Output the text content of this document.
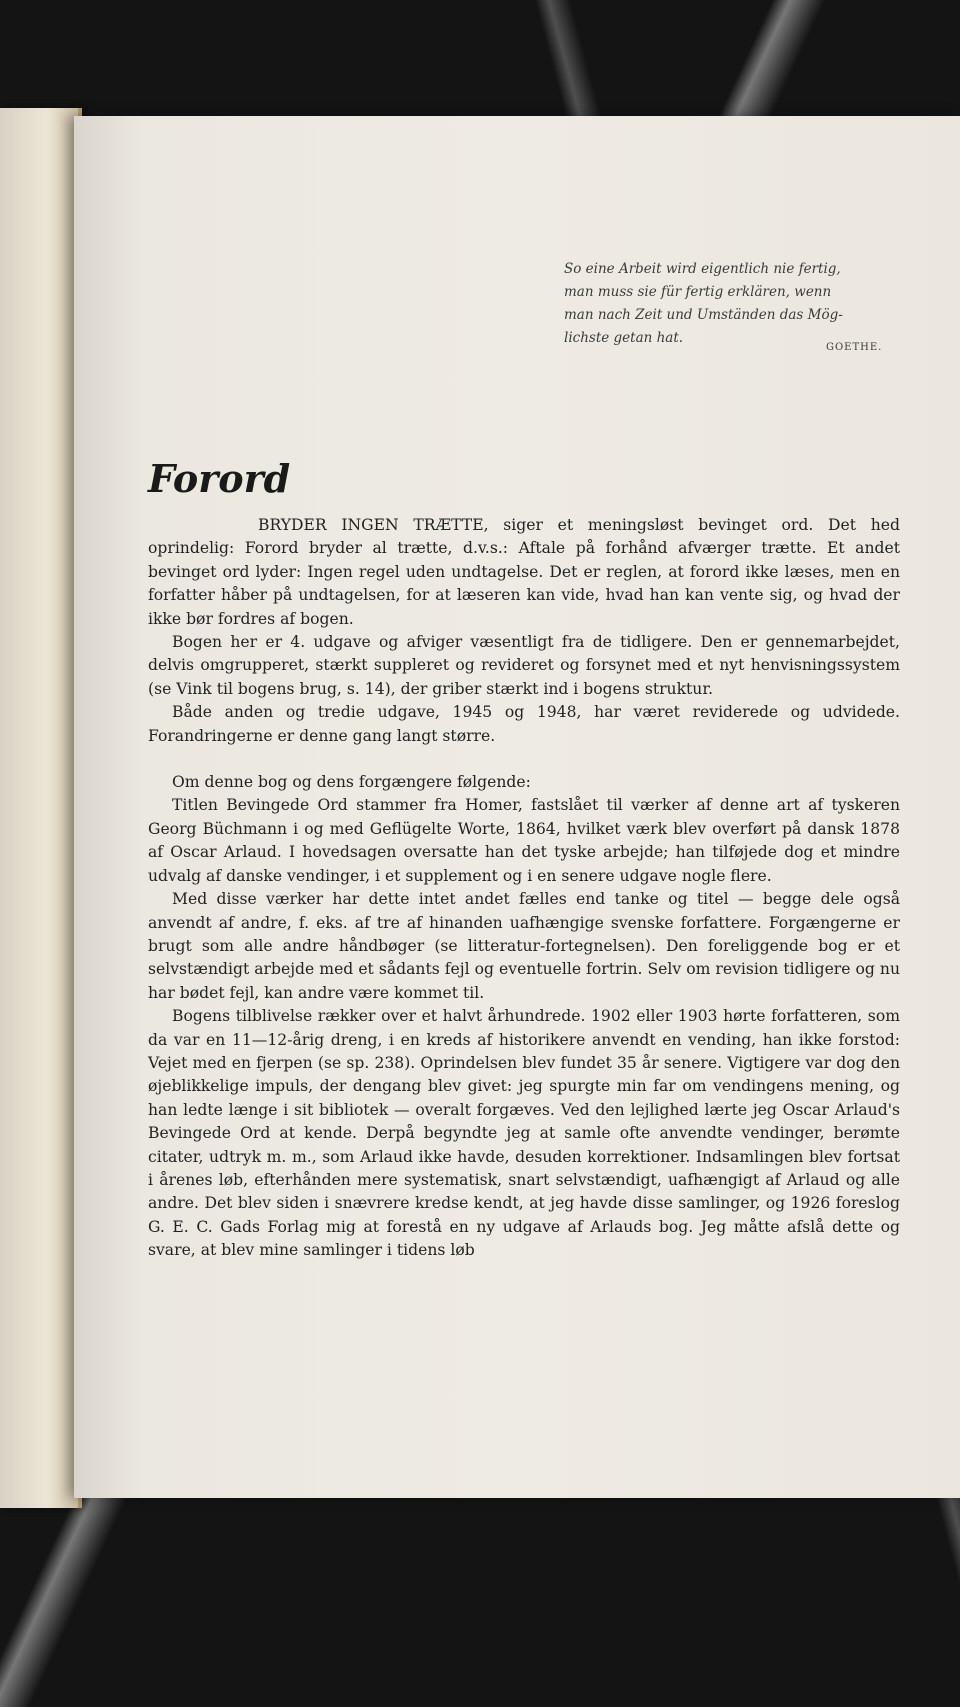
So eine Arbeit wird eigentlich nie fertig,

man muss sie für fertig erklären, wenn

man nach Zeit und Umständen das Mög-

lichste getan hat.

GOETHE.
Forord

BRYDER INGEN TRÆTTE, siger et meningsløst bevinget ord. Det hed oprindelig: Forord bryder al trætte, d.v.s.: Aftale på forhånd afværger trætte. Et andet bevinget ord lyder: Ingen regel uden undtagelse. Det er reglen, at forord ikke læses, men en forfatter håber på undtagelsen, for at læseren kan vide, hvad han kan vente sig, og hvad der ikke bør fordres af bogen.

Bogen her er 4. udgave og afviger væsentligt fra de tidligere. Den er gennemarbejdet, delvis omgrupperet, stærkt suppleret og revideret og forsynet med et nyt henvisningssystem (se Vink til bogens brug, s. 14), der griber stærkt ind i bogens struktur.

Både anden og tredie udgave, 1945 og 1948, har været reviderede og udvidede. Forandringerne er denne gang langt større.

Om denne bog og dens forgængere følgende:

Titlen Bevingede Ord stammer fra Homer, fastslået til værker af denne art af tyskeren Georg Büchmann i og med Geflügelte Worte, 1864, hvilket værk blev overført på dansk 1878 af Oscar Arlaud. I hovedsagen oversatte han det tyske arbejde; han tilføjede dog et mindre udvalg af danske vendinger, i et supplement og i en senere udgave nogle flere.

Med disse værker har dette intet andet fælles end tanke og titel — begge dele også anvendt af andre, f. eks. af tre af hinanden uafhængige svenske forfattere. Forgængerne er brugt som alle andre håndbøger (se litteratur-fortegnelsen). Den foreliggende bog er et selvstændigt arbejde med et sådants fejl og eventuelle fortrin. Selv om revision tidligere og nu har bødet fejl, kan andre være kommet til.

Bogens tilblivelse rækker over et halvt århundrede. 1902 eller 1903 hørte forfatteren, som da var en 11—12-årig dreng, i en kreds af historikere anvendt en vending, han ikke forstod: Vejet med en fjerpen (se sp. 238). Oprindelsen blev fundet 35 år senere. Vigtigere var dog den øjeblikkelige impuls, der dengang blev givet: jeg spurgte min far om vendingens mening, og han ledte længe i sit bibliotek — overalt forgæves. Ved den lejlighed lærte jeg Oscar Arlaud's Bevingede Ord at kende. Derpå begyndte jeg at samle ofte anvendte vendinger, berømte citater, udtryk m. m., som Arlaud ikke havde, desuden korrektioner. Indsamlingen blev fortsat i årenes løb, efterhånden mere systematisk, snart selvstændigt, uafhængigt af Arlaud og alle andre. Det blev siden i snævrere kredse kendt, at jeg havde disse samlinger, og 1926 foreslog G. E. C. Gads Forlag mig at forestå en ny udgave af Arlauds bog. Jeg måtte afslå dette og svare, at blev mine samlinger i tidens løb
